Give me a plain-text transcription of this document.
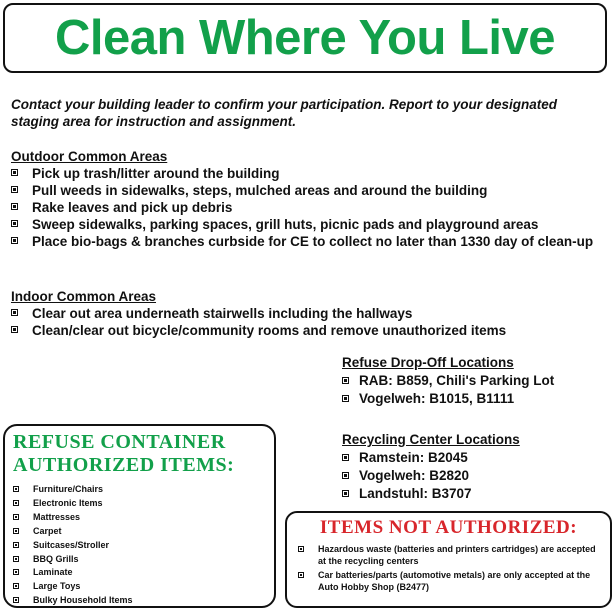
Clean Where You Live

Contact your building leader to confirm your participation. Report to your designated staging area for instruction and assignment.

Outdoor Common Areas
Pick up trash/litter around the building
Pull weeds in sidewalks, steps, mulched areas and around the building
Rake leaves and pick up debris
Sweep sidewalks, parking spaces, grill huts, picnic pads and playground areas
Place bio-bags & branches curbside for CE to collect no later than 1330 day of clean-up
Indoor Common Areas
Clear out area underneath stairwells including the hallways
Clean/clear out bicycle/community rooms and remove unauthorized items
Refuse Drop-Off Locations
RAB: B859, Chili's Parking Lot
Vogelweh: B1015, B1111
Recycling Center Locations
Ramstein: B2045
Vogelweh: B2820
Landstuhl: B3707
REFUSE CONTAINER
AUTHORIZED ITEMS:
Furniture/Chairs
Electronic Items
Mattresses
Carpet
Suitcases/Stroller
BBQ Grills
Laminate
Large Toys
Bulky Household Items
ITEMS NOT AUTHORIZED:
Hazardous waste (batteries and printers cartridges) are accepted at the recycling centers
Car batteries/parts (automotive metals) are only accepted at the Auto Hobby Shop (B2477)
